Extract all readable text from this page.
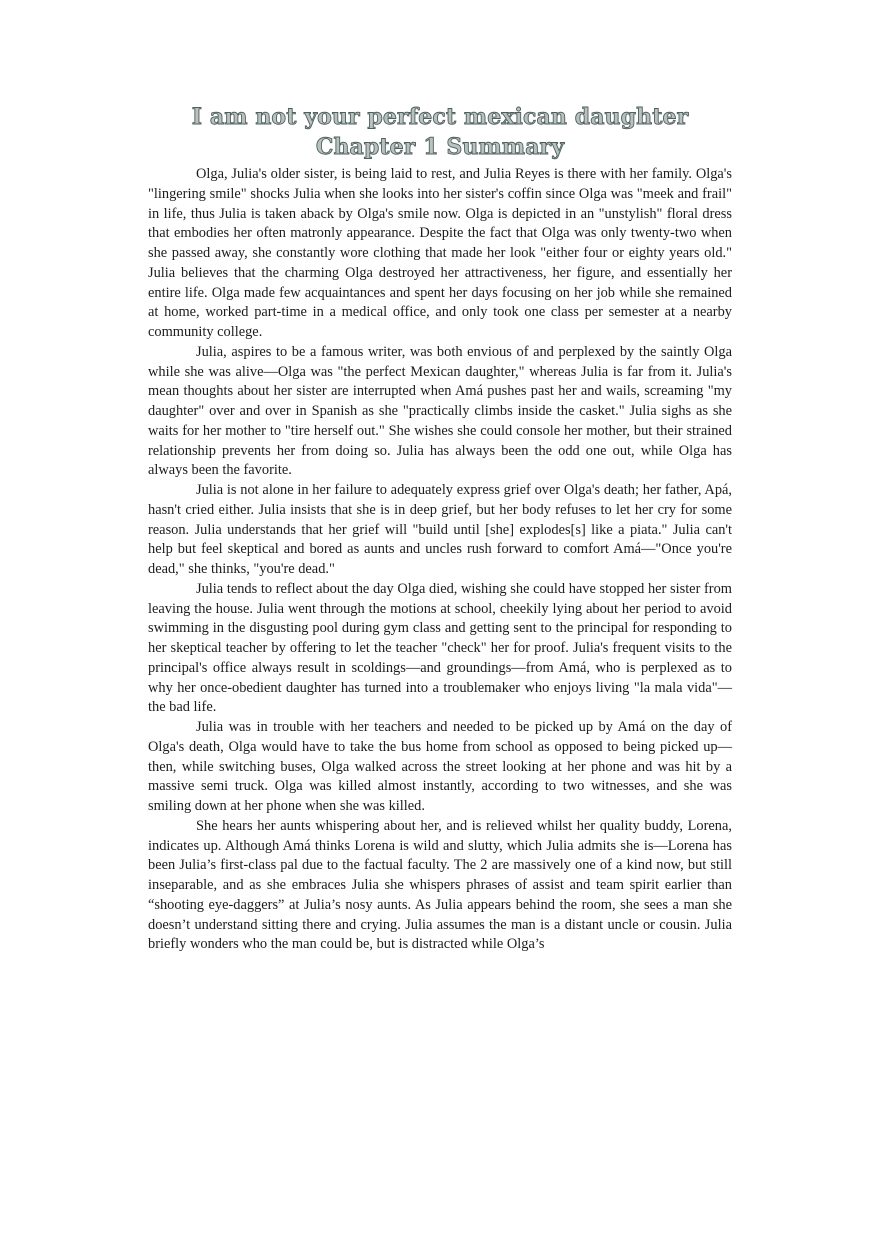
I am not your perfect mexican daughter
Chapter 1 Summary

Olga, Julia's older sister, is being laid to rest, and Julia Reyes is there with her family. Olga's "lingering smile" shocks Julia when she looks into her sister's coffin since Olga was "meek and frail" in life, thus Julia is taken aback by Olga's smile now. Olga is depicted in an "unstylish" floral dress that embodies her often matronly appearance. Despite the fact that Olga was only twenty-two when she passed away, she constantly wore clothing that made her look "either four or eighty years old." Julia believes that the charming Olga destroyed her attractiveness, her figure, and essentially her entire life. Olga made few acquaintances and spent her days focusing on her job while she remained at home, worked part-time in a medical office, and only took one class per semester at a nearby community college.

Julia, aspires to be a famous writer, was both envious of and perplexed by the saintly Olga while she was alive—Olga was "the perfect Mexican daughter," whereas Julia is far from it. Julia's mean thoughts about her sister are interrupted when Amá pushes past her and wails, screaming "my daughter" over and over in Spanish as she "practically climbs inside the casket." Julia sighs as she waits for her mother to "tire herself out." She wishes she could console her mother, but their strained relationship prevents her from doing so. Julia has always been the odd one out, while Olga has always been the favorite.

Julia is not alone in her failure to adequately express grief over Olga's death; her father, Apá, hasn't cried either. Julia insists that she is in deep grief, but her body refuses to let her cry for some reason. Julia understands that her grief will "build until [she] explodes[s] like a piata." Julia can't help but feel skeptical and bored as aunts and uncles rush forward to comfort Amá—"Once you're dead," she thinks, "you're dead."

Julia tends to reflect about the day Olga died, wishing she could have stopped her sister from leaving the house. Julia went through the motions at school, cheekily lying about her period to avoid swimming in the disgusting pool during gym class and getting sent to the principal for responding to her skeptical teacher by offering to let the teacher "check" her for proof. Julia's frequent visits to the principal's office always result in scoldings—and groundings—from Amá, who is perplexed as to why her once-obedient daughter has turned into a troublemaker who enjoys living "la mala vida"—the bad life.

Julia was in trouble with her teachers and needed to be picked up by Amá on the day of Olga's death, Olga would have to take the bus home from school as opposed to being picked up—then, while switching buses, Olga walked across the street looking at her phone and was hit by a massive semi truck. Olga was killed almost instantly, according to two witnesses, and she was smiling down at her phone when she was killed.

She hears her aunts whispering about her, and is relieved whilst her quality buddy, Lorena, indicates up. Although Amá thinks Lorena is wild and slutty, which Julia admits she is—Lorena has been Julia’s first-class pal due to the factual faculty. The 2 are massively one of a kind now, but still inseparable, and as she embraces Julia she whispers phrases of assist and team spirit earlier than “shooting eye-daggers” at Julia’s nosy aunts. As Julia appears behind the room, she sees a man she doesn’t understand sitting there and crying. Julia assumes the man is a distant uncle or cousin. Julia briefly wonders who the man could be, but is distracted while Olga’s
